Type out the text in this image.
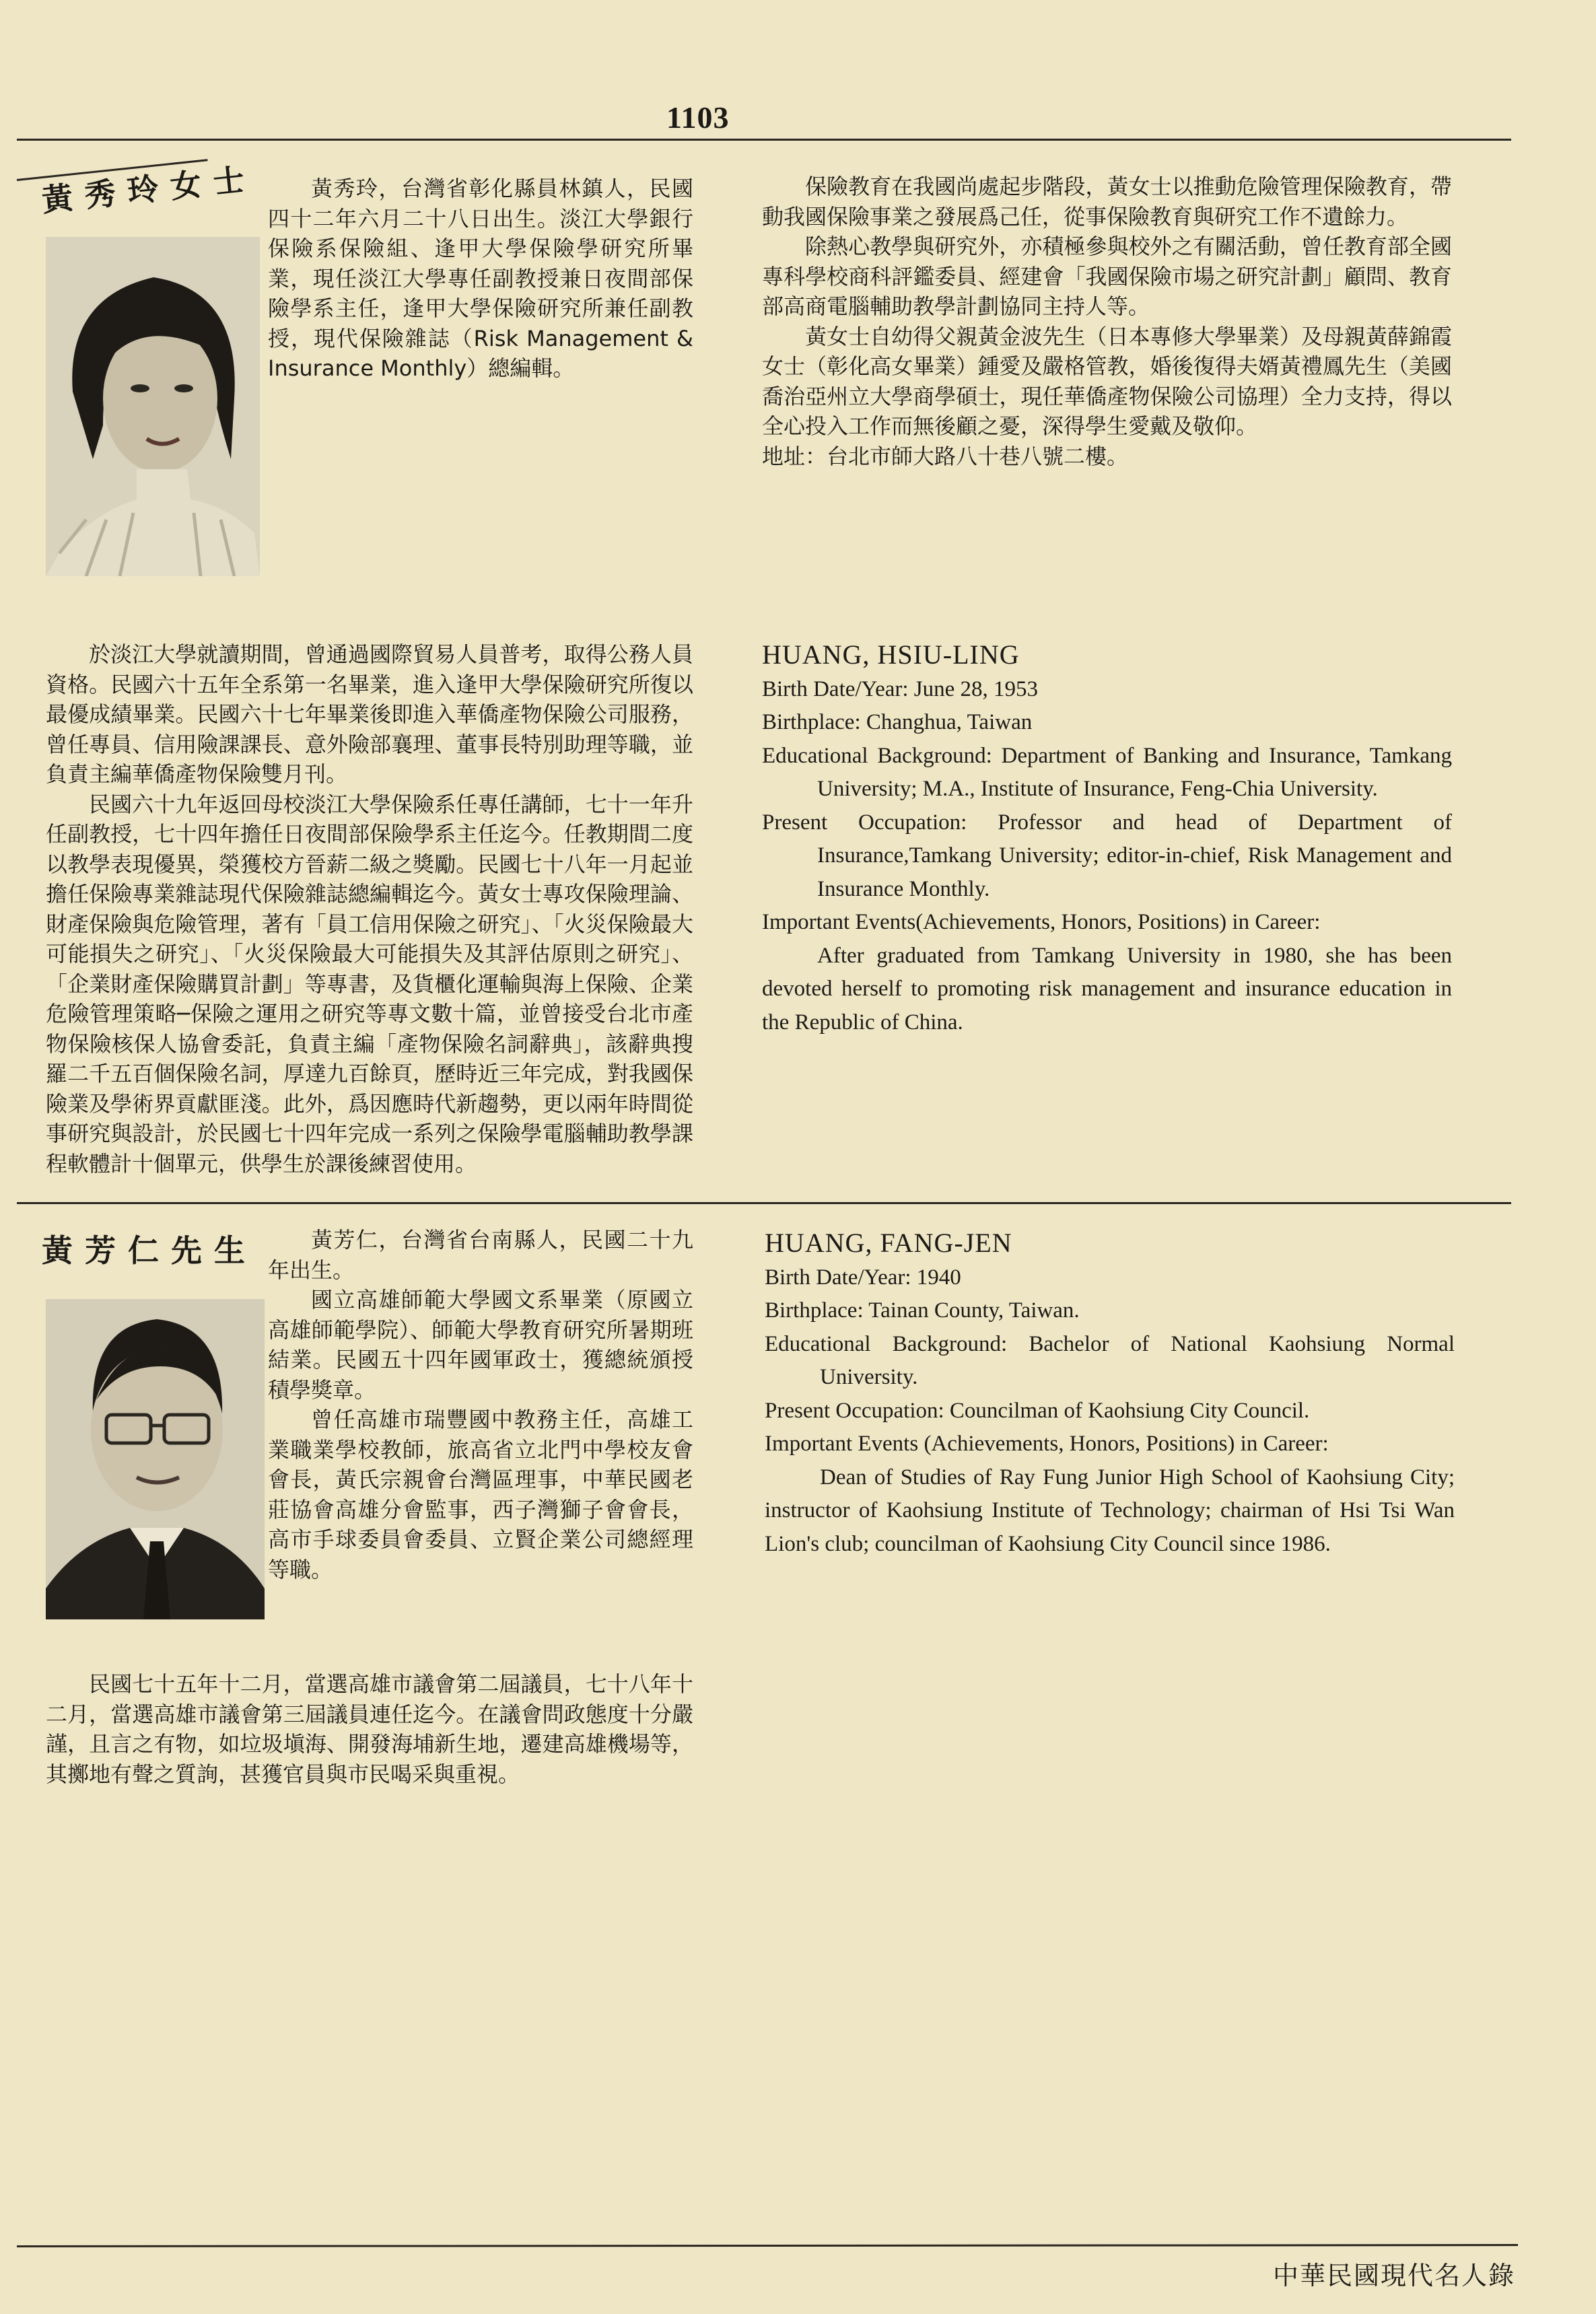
1103
黃秀玲女士	黃秀玲，台灣省彰化縣員林鎮人，民國四十二年六月二十八日出生。淡江大學銀行保險系保險組、逢甲大學保險學研究所畢業，現任淡江大學專任副教授兼日夜間部保險學系主任，逢甲大學保險研究所兼任副教授，現代保險雜誌（Risk Management & Insurance Monthly）總編輯。

於淡江大學就讀期間，曾通過國際貿易人員普考，取得公務人員資格。民國六十五年全系第一名畢業，進入逢甲大學保險研究所復以最優成績畢業。民國六十七年畢業後即進入華僑產物保險公司服務，曾任專員、信用險課課長、意外險部襄理、董事長特別助理等職，並負責主編華僑產物保險雙月刊。

民國六十九年返回母校淡江大學保險系任專任講師，七十一年升任副教授，七十四年擔任日夜間部保險學系主任迄今。任教期間二度以教學表現優異，榮獲校方晉薪二級之獎勵。民國七十八年一月起並擔任保險專業雜誌現代保險雜誌總編輯迄今。黃女士專攻保險理論、財產保險與危險管理，著有「員工信用保險之研究」、「火災保險最大可能損失之研究」、「火災保險最大可能損失及其評估原則之研究」、「企業財產保險購買計劃」等專書，及貨櫃化運輸與海上保險、企業危險管理策略─保險之運用之研究等專文數十篇，並曾接受台北市產物保險核保人協會委託，負責主編「產物保險名詞辭典」，該辭典搜羅二千五百個保險名詞，厚達九百餘頁，歷時近三年完成，對我國保險業及學術界貢獻匪淺。此外，爲因應時代新趨勢，更以兩年時間從事研究與設計，於民國七十四年完成一系列之保險學電腦輔助教學課程軟體計十個單元，供學生於課後練習使用。

保險教育在我國尚處起步階段，黃女士以推動危險管理保險教育，帶動我國保險事業之發展爲己任，從事保險教育與研究工作不遺餘力。

除熱心教學與研究外，亦積極參與校外之有關活動，曾任教育部全國專科學校商科評鑑委員、經建會「我國保險市場之研究計劃」顧問、教育部高商電腦輔助教學計劃協同主持人等。

黃女士自幼得父親黃金波先生（日本專修大學畢業）及母親黃薛錦霞女士（彰化高女畢業）鍾愛及嚴格管教，婚後復得夫婿黃禮鳳先生（美國喬治亞州立大學商學碩士，現任華僑產物保險公司協理）全力支持，得以全心投入工作而無後顧之憂，深得學生愛戴及敬仰。

地址：台北市師大路八十巷八號二樓。

HUANG, HSIU-LING

Birth Date/Year: June 28, 1953

Birthplace: Changhua, Taiwan

Educational Background: Department of Banking and Insurance, Tamkang University; M.A., Institute of Insurance, Feng-Chia University.

Present Occupation: Professor and head of Department of Insurance,Tamkang University; editor-in-chief, Risk Management and Insurance Monthly.

Important Events(Achievements, Honors, Positions) in Career:

After graduated from Tamkang University in 1980, she has been devoted herself to promoting risk management and insurance education in the Republic of China.

黃芳仁先生	黃芳仁，台灣省台南縣人，民國二十九年出生。

國立高雄師範大學國文系畢業（原國立高雄師範學院）、師範大學教育研究所暑期班結業。民國五十四年國軍政士，獲總統頒授積學獎章。

曾任高雄市瑞豐國中教務主任，高雄工業職業學校教師，旅高省立北門中學校友會會長，黃氏宗親會台灣區理事，中華民國老莊協會高雄分會監事，西子灣獅子會會長，高市手球委員會委員、立賢企業公司總經理等職。

民國七十五年十二月，當選高雄市議會第二屆議員，七十八年十二月，當選高雄市議會第三屆議員連任迄今。在議會問政態度十分嚴謹，且言之有物，如垃圾塡海、開發海埔新生地，遷建高雄機場等，其擲地有聲之質詢，甚獲官員與市民喝采與重視。

HUANG, FANG-JEN

Birth Date/Year: 1940

Birthplace: Tainan County, Taiwan.

Educational Background: Bachelor of National Kaohsiung Normal University.

Present Occupation: Councilman of Kaohsiung City Council.

Important Events (Achievements, Honors, Positions) in Career:

Dean of Studies of Ray Fung Junior High School of Kaohsiung City; instructor of Kaohsiung Institute of Technology; chairman of Hsi Tsi Wan Lion's club; councilman of Kaohsiung City Council since 1986.

中華民國現代名人錄
